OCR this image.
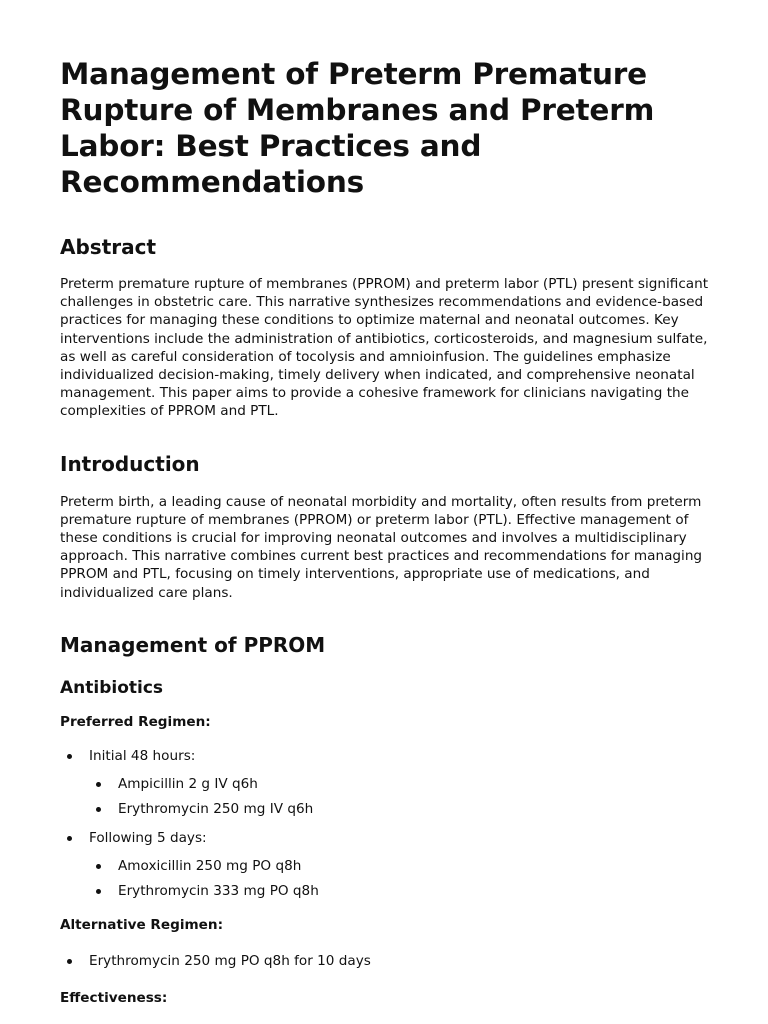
Management of Preterm Premature Rupture of Membranes and Preterm Labor: Best Practices and Recommendations
Abstract

Preterm premature rupture of membranes (PPROM) and preterm labor (PTL) present significant challenges in obstetric care. This narrative synthesizes recommendations and evidence-based practices for managing these conditions to optimize maternal and neonatal outcomes. Key interventions include the administration of antibiotics, corticosteroids, and magnesium sulfate, as well as careful consideration of tocolysis and amnioinfusion. The guidelines emphasize individualized decision-making, timely delivery when indicated, and comprehensive neonatal management. This paper aims to provide a cohesive framework for clinicians navigating the complexities of PPROM and PTL.

Introduction

Preterm birth, a leading cause of neonatal morbidity and mortality, often results from preterm premature rupture of membranes (PPROM) or preterm labor (PTL). Effective management of these conditions is crucial for improving neonatal outcomes and involves a multidisciplinary approach. This narrative combines current best practices and recommendations for managing PPROM and PTL, focusing on timely interventions, appropriate use of medications, and individualized care plans.

Management of PPROM
Antibiotics
Preferred Regimen:
Initial 48 hours:
Ampicillin 2 g IV q6h
Erythromycin 250 mg IV q6h
Following 5 days:
Amoxicillin 250 mg PO q8h
Erythromycin 333 mg PO q8h
Alternative Regimen:
Erythromycin 250 mg PO q8h for 10 days
Effectiveness:
